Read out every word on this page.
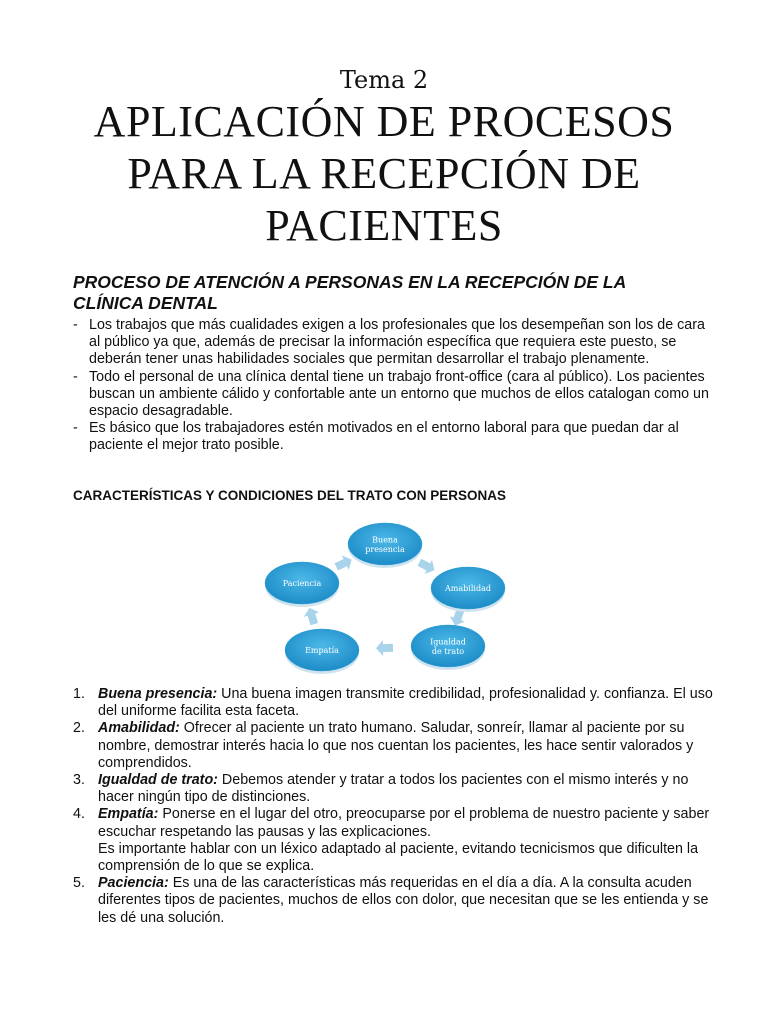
Tema 2
APLICACIÓN DE PROCESOS
PARA LA RECEPCIÓN DE
PACIENTES
PROCESO DE ATENCIÓN A PERSONAS EN LA RECEPCIÓN DE LA
CLÍNICA DENTAL
- Los trabajos que más cualidades exigen a los profesionales que los desempeñan son los de cara al público ya que, además de precisar la información específica que requiera este puesto, se deberán tener unas habilidades sociales que permitan desarrollar el trabajo plenamente.
- Todo el personal de una clínica dental tiene un trabajo front-office (cara al público). Los pacientes buscan un ambiente cálido y confortable ante un entorno que muchos de ellos catalogan como un espacio desagradable.
- Es básico que los trabajadores estén motivados en el entorno laboral para que puedan dar al paciente el mejor trato posible.
CARACTERÍSTICAS Y CONDICIONES DEL TRATO CON PERSONAS
Buena
presencia
Amabilidad
Igualdad
de trato
Empatía
Paciencia
1. Buena presencia: Una buena imagen transmite credibilidad, profesionalidad y. confianza. El uso del uniforme facilita esta faceta.
2. Amabilidad: Ofrecer al paciente un trato humano. Saludar, sonreír, llamar al paciente por su nombre, demostrar interés hacia lo que nos cuentan los pacientes, les hace sentir valorados y comprendidos.
3. Igualdad de trato: Debemos atender y tratar a todos los pacientes con el mismo interés y no hacer ningún tipo de distinciones.
4. Empatía: Ponerse en el lugar del otro, preocuparse por el problema de nuestro paciente y saber escuchar respetando las pausas y las explicaciones.
Es importante hablar con un léxico adaptado al paciente, evitando tecnicismos que dificulten la comprensión de lo que se explica.
5. Paciencia: Es una de las características más requeridas en el día a día. A la consulta acuden diferentes tipos de pacientes, muchos de ellos con dolor, que necesitan que se les entienda y se les dé una solución.
